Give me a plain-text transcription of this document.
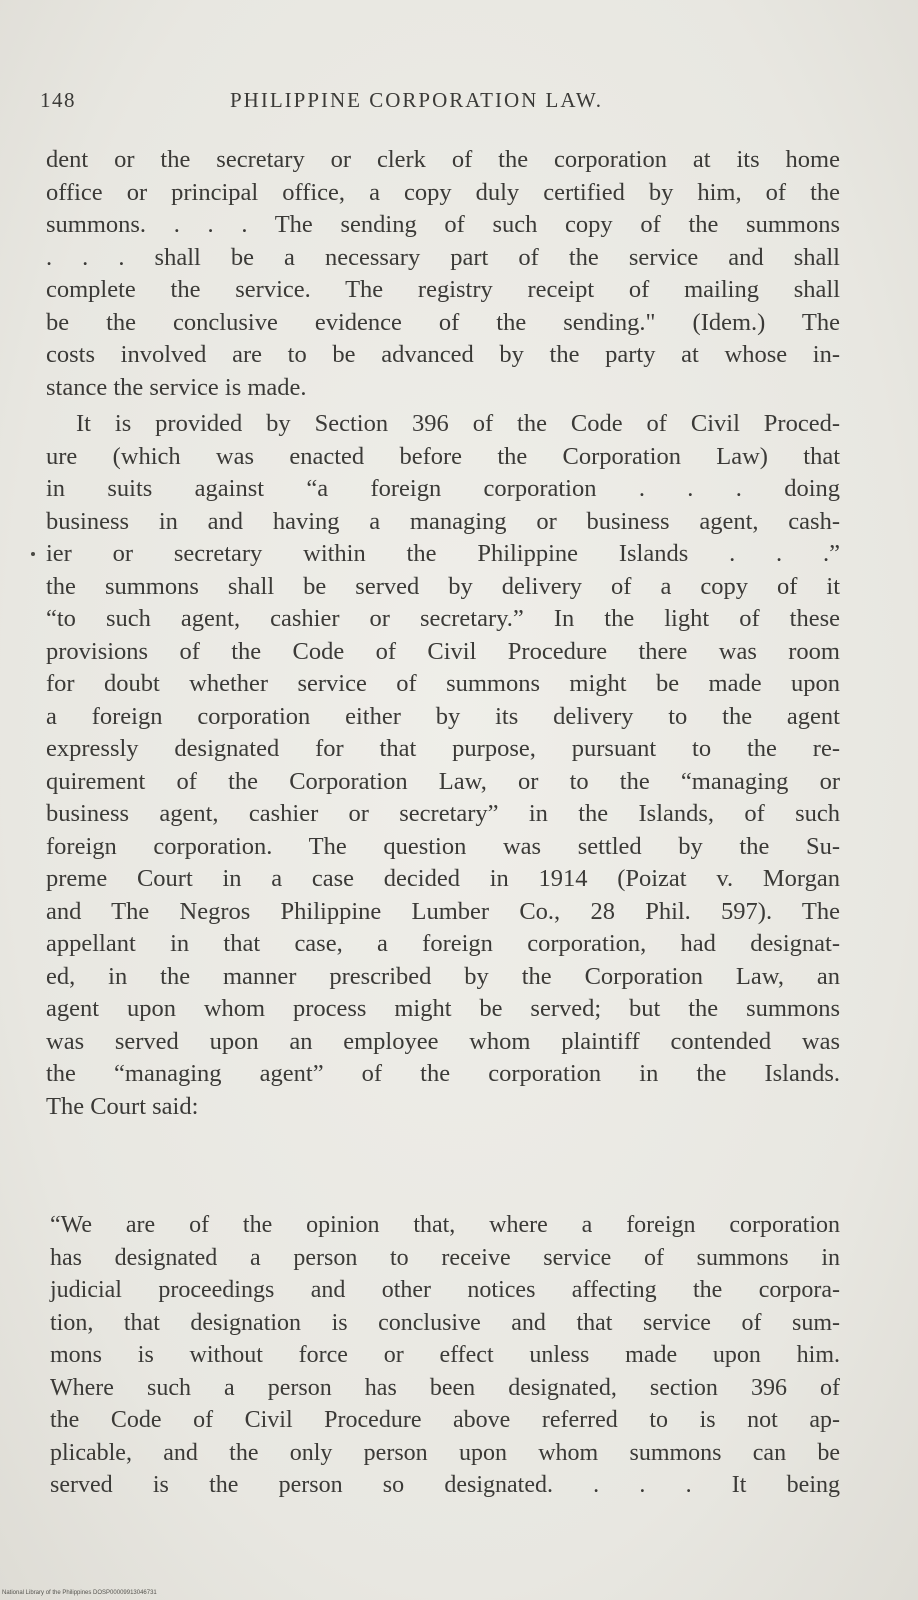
148	PHILIPPINE CORPORATION LAW.
dent or the secretary or clerk of the corporation at its home
office or principal office, a copy duly certified by him, of the
summons. . . . The sending of such copy of the summons
. . . shall be a necessary part of the service and shall
complete the service. The registry receipt of mailing shall
be the conclusive evidence of the sending." (Idem.) The
costs involved are to be advanced by the party at whose in-
stance the service is made.
It is provided by Section 396 of the Code of Civil Proced-
ure (which was enacted before the Corporation Law) that
in suits against “a foreign corporation . . . doing
business in and having a managing or business agent, cash-
ier or secretary within the Philippine Islands . . .”
the summons shall be served by delivery of a copy of it
“to such agent, cashier or secretary.” In the light of these
provisions of the Code of Civil Procedure there was room
for doubt whether service of summons might be made upon
a foreign corporation either by its delivery to the agent
expressly designated for that purpose, pursuant to the re-
quirement of the Corporation Law, or to the “managing or
business agent, cashier or secretary” in the Islands, of such
foreign corporation. The question was settled by the Su-
preme Court in a case decided in 1914 (Poizat v. Morgan
and The Negros Philippine Lumber Co., 28 Phil. 597). The
appellant in that case, a foreign corporation, had designat-
ed, in the manner prescribed by the Corporation Law, an
agent upon whom process might be served; but the summons
was served upon an employee whom plaintiff contended was
the “managing agent” of the corporation in the Islands.
The Court said:
“We are of the opinion that, where a foreign corporation
has designated a person to receive service of summons in
judicial proceedings and other notices affecting the corpora-
tion, that designation is conclusive and that service of sum-
mons is without force or effect unless made upon him.
Where such a person has been designated, section 396 of
the Code of Civil Procedure above referred to is not ap-
plicable, and the only person upon whom summons can be
served is the person so designated. . . . It being
National Library of the Philippines DOSP00009913046731
